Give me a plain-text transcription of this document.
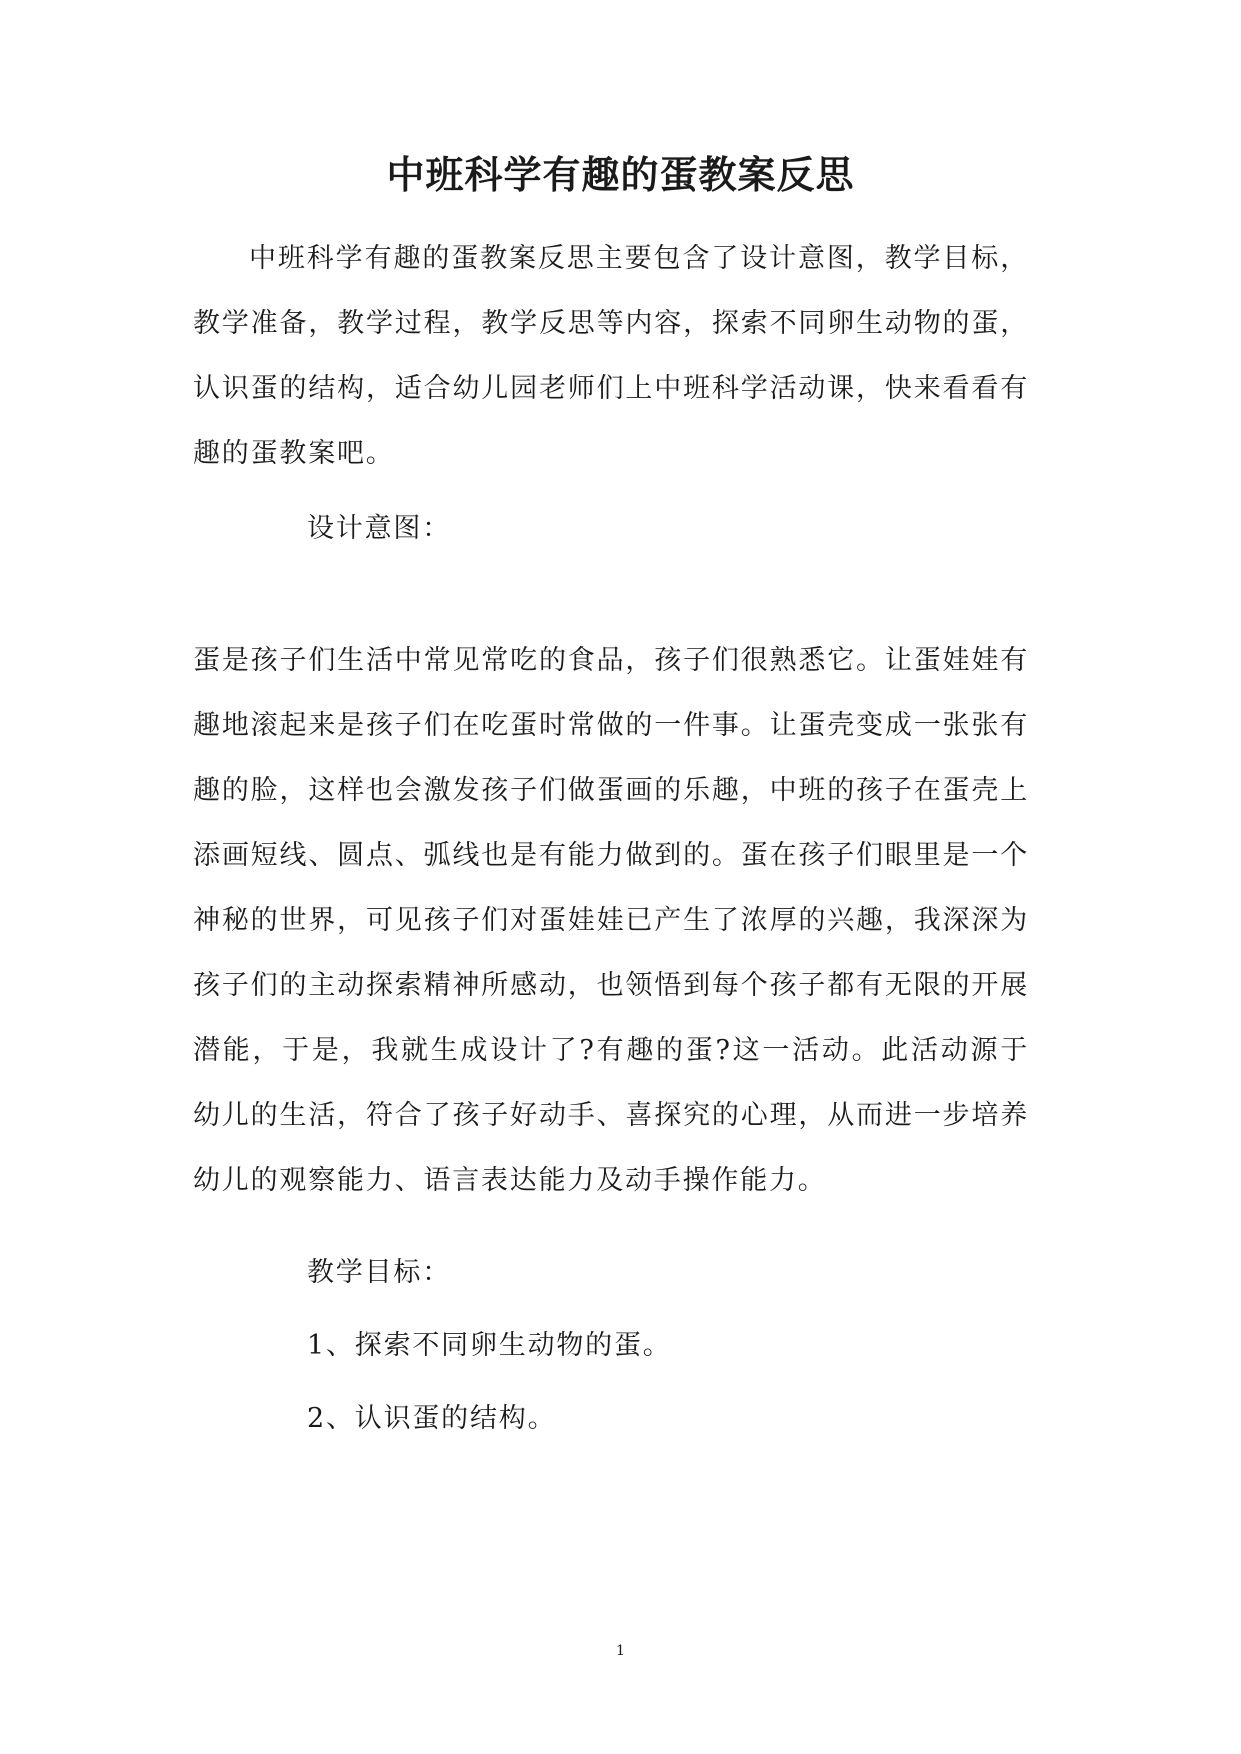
中班科学有趣的蛋教案反思

中班科学有趣的蛋教案反思主要包含了设计意图，教学目标，教学准备，教学过程，教学反思等内容，探索不同卵生动物的蛋，认识蛋的结构，适合幼儿园老师们上中班科学活动课，快来看看有趣的蛋教案吧。

设计意图：

蛋是孩子们生活中常见常吃的食品，孩子们很熟悉它。让蛋娃娃有趣地滚起来是孩子们在吃蛋时常做的一件事。让蛋壳变成一张张有趣的脸，这样也会激发孩子们做蛋画的乐趣，中班的孩子在蛋壳上添画短线、圆点、弧线也是有能力做到的。蛋在孩子们眼里是一个神秘的世界，可见孩子们对蛋娃娃已产生了浓厚的兴趣，我深深为孩子们的主动探索精神所感动，也领悟到每个孩子都有无限的开展潜能，于是，我就生成设计了?有趣的蛋?这一活动。此活动源于幼儿的生活，符合了孩子好动手、喜探究的心理，从而进一步培养幼儿的观察能力、语言表达能力及动手操作能力。

教学目标：

1、探索不同卵生动物的蛋。

2、认识蛋的结构。

1
